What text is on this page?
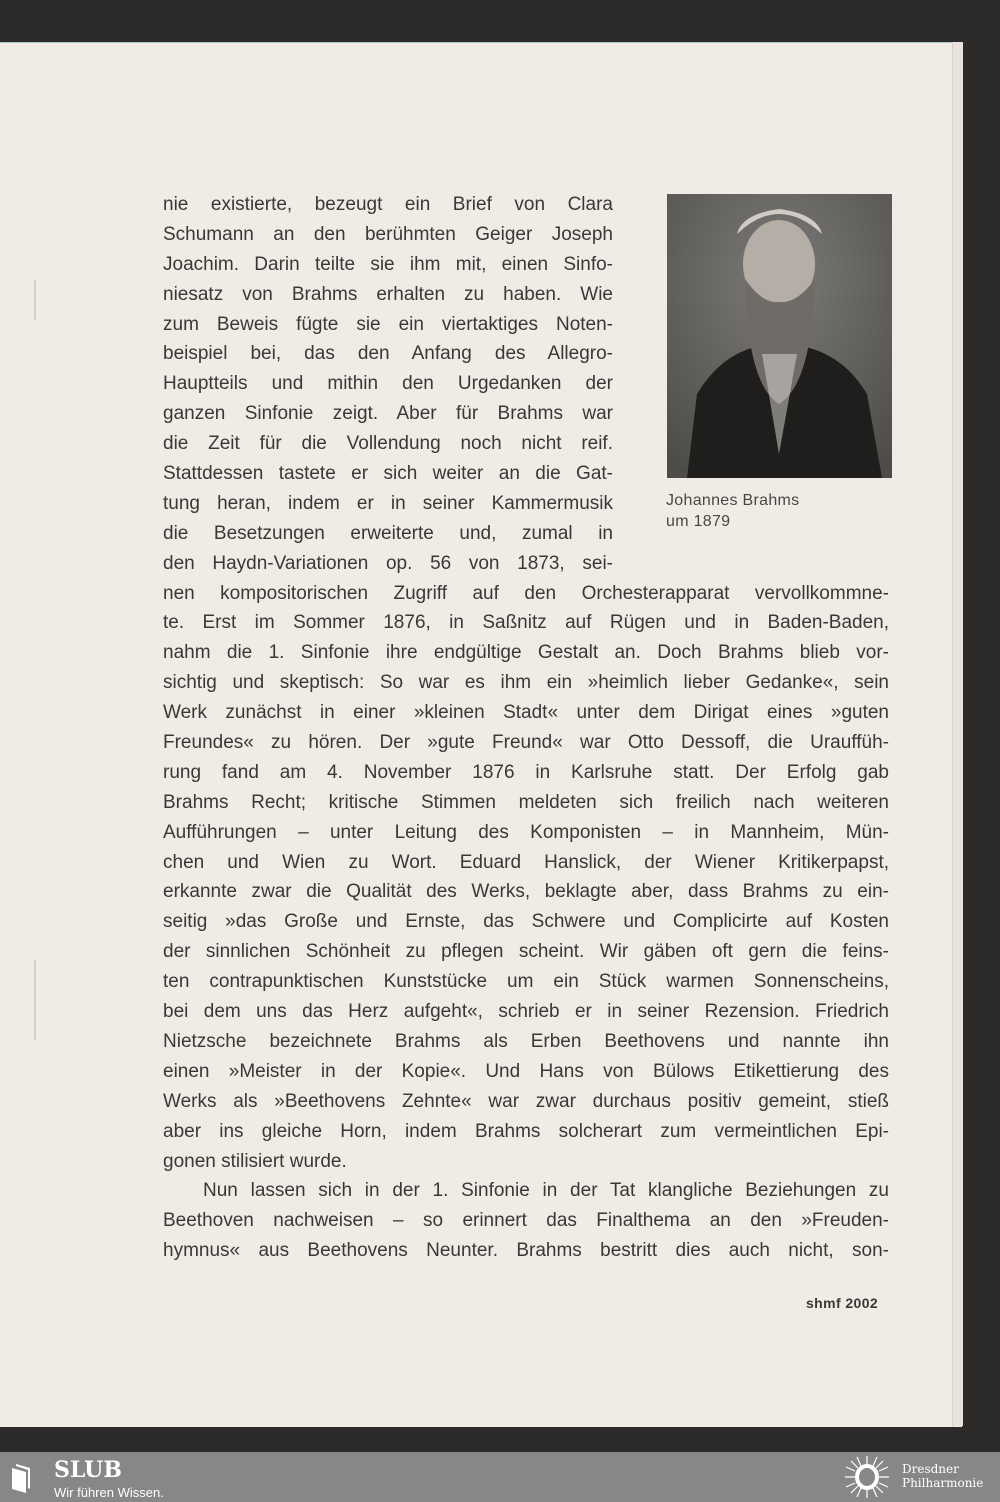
nie existierte, bezeugt ein Brief von Clara
Schumann an den berühmten Geiger Joseph
Joachim. Darin teilte sie ihm mit, einen Sinfo-
niesatz von Brahms erhalten zu haben. Wie
zum Beweis fügte sie ein viertaktiges Noten-
beispiel bei, das den Anfang des Allegro-
Hauptteils und mithin den Urgedanken der
ganzen Sinfonie zeigt. Aber für Brahms war
die Zeit für die Vollendung noch nicht reif.
Stattdessen tastete er sich weiter an die Gat-
tung heran, indem er in seiner Kammermusik
die Besetzungen erweiterte und, zumal in
den Haydn-Variationen op. 56 von 1873, sei-
nen kompositorischen Zugriff auf den Orchesterapparat vervollkommne-
te. Erst im Sommer 1876, in Saßnitz auf Rügen und in Baden-Baden,
nahm die 1. Sinfonie ihre endgültige Gestalt an. Doch Brahms blieb vor-
sichtig und skeptisch: So war es ihm ein »heimlich lieber Gedanke«, sein
Werk zunächst in einer »kleinen Stadt« unter dem Dirigat eines »guten
Freundes« zu hören. Der »gute Freund« war Otto Dessoff, die Urauffüh-
rung fand am 4. November 1876 in Karlsruhe statt. Der Erfolg gab
Brahms Recht; kritische Stimmen meldeten sich freilich nach weiteren
Aufführungen – unter Leitung des Komponisten – in Mannheim, Mün-
chen und Wien zu Wort. Eduard Hanslick, der Wiener Kritikerpapst,
erkannte zwar die Qualität des Werks, beklagte aber, dass Brahms zu ein-
seitig »das Große und Ernste, das Schwere und Complicirte auf Kosten
der sinnlichen Schönheit zu pflegen scheint. Wir gäben oft gern die feins-
ten contrapunktischen Kunststücke um ein Stück warmen Sonnenscheins,
bei dem uns das Herz aufgeht«, schrieb er in seiner Rezension. Friedrich
Nietzsche bezeichnete Brahms als Erben Beethovens und nannte ihn
einen »Meister in der Kopie«. Und Hans von Bülows Etikettierung des
Werks als »Beethovens Zehnte« war zwar durchaus positiv gemeint, stieß
aber ins gleiche Horn, indem Brahms solcherart zum vermeintlichen Epi-
gonen stilisiert wurde.
Nun lassen sich in der 1. Sinfonie in der Tat klangliche Beziehungen zu
Beethoven nachweisen – so erinnert das Finalthema an den »Freuden-
hymnus« aus Beethovens Neunter. Brahms bestritt dies auch nicht, son-
Johannes Brahms
um 1879
shmf 2002
SLUB
Wir führen Wissen.
Dresdner
Philharmonie
